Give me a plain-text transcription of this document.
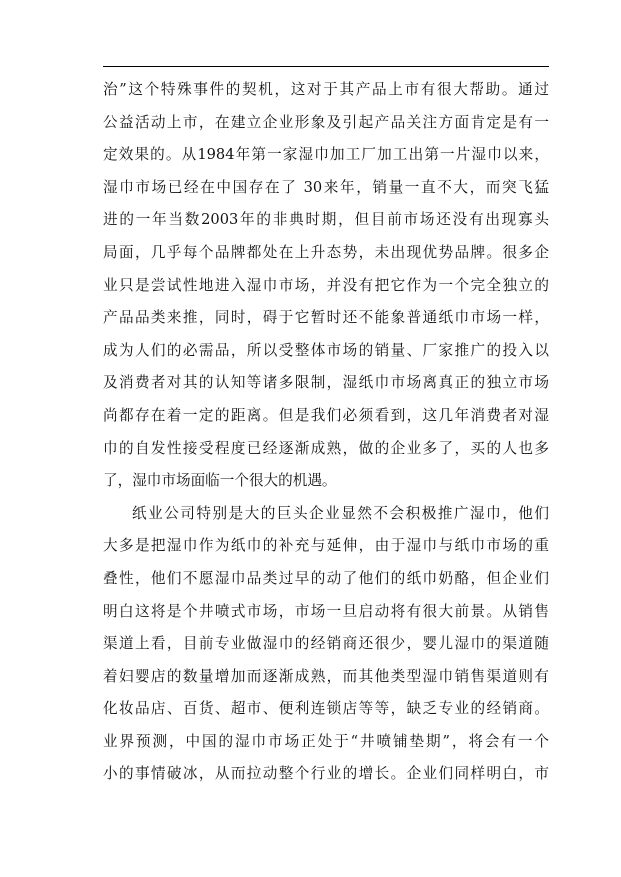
治”这个特殊事件的契机，这对于其产品上市有很大帮助。通过
公益活动上市，在建立企业形象及引起产品关注方面肯定是有一
定效果的。从1984年第一家湿巾加工厂加工出第一片湿巾以来，
湿巾市场已经在中国存在了 30来年，销量一直不大，而突飞猛
进的一年当数2003年的非典时期，但目前市场还没有出现寡头
局面，几乎每个品牌都处在上升态势，未出现优势品牌。很多企
业只是尝试性地进入湿巾市场，并没有把它作为一个完全独立的
产品品类来推，同时，碍于它暂时还不能象普通纸巾市场一样，
成为人们的必需品，所以受整体市场的销量、厂家推广的投入以
及消费者对其的认知等诸多限制，湿纸巾市场离真正的独立市场
尚都存在着一定的距离。但是我们必须看到，这几年消费者对湿
巾的自发性接受程度已经逐渐成熟，做的企业多了，买的人也多
了，湿巾市场面临一个很大的机遇。
纸业公司特别是大的巨头企业显然不会积极推广湿巾，他们
大多是把湿巾作为纸巾的补充与延伸，由于湿巾与纸巾市场的重
叠性，他们不愿湿巾品类过早的动了他们的纸巾奶酪，但企业们
明白这将是个井喷式市场，市场一旦启动将有很大前景。从销售
渠道上看，目前专业做湿巾的经销商还很少，婴儿湿巾的渠道随
着妇婴店的数量增加而逐渐成熟，而其他类型湿巾销售渠道则有
化妆品店、百货、超市、便利连锁店等等，缺乏专业的经销商。
业界预测，中国的湿巾市场正处于“井喷铺垫期”，将会有一个
小的事情破冰，从而拉动整个行业的增长。企业们同样明白，市
